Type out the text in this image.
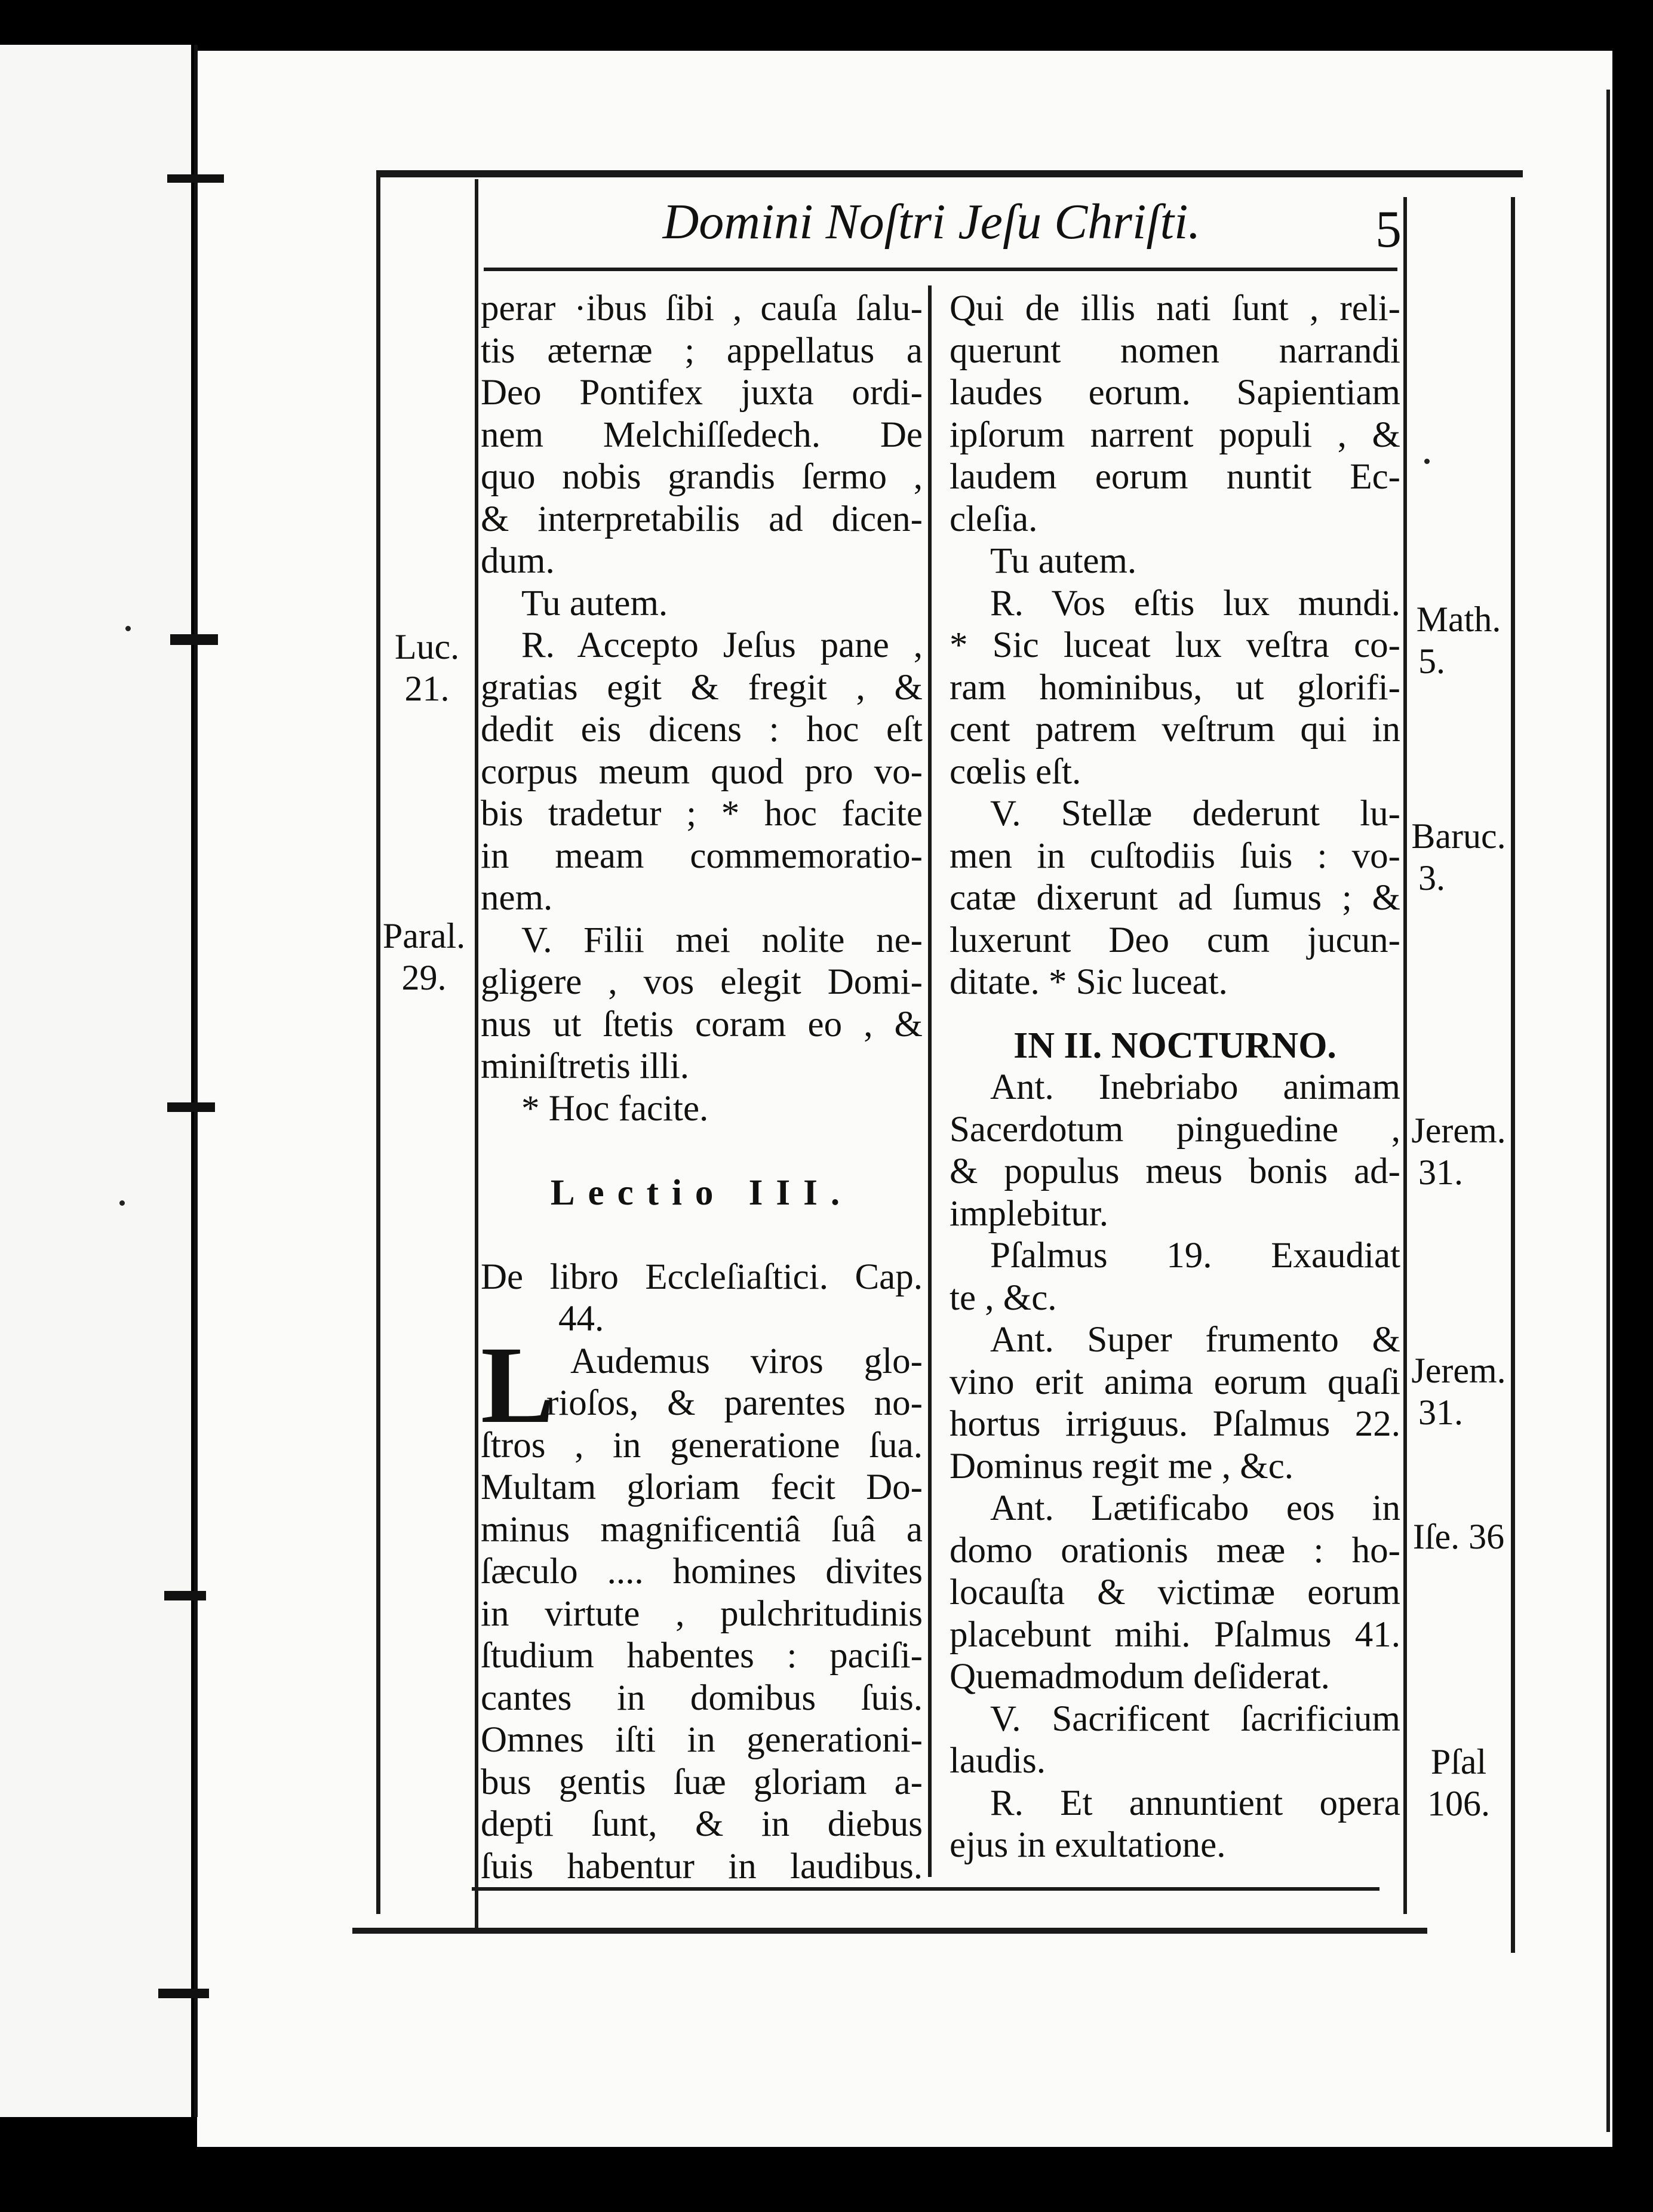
Domini Noſtri Jeſu Chriſti.	5
perar ·ibus ſibi , cauſa ſalu-
tis æternæ ; appellatus a
Deo Pontifex juxta ordi-
nem Melchiſſedech. De
quo nobis grandis ſermo ,
& interpretabilis ad dicen-
dum.
Tu autem.
R. Accepto Jeſus pane ,
gratias egit & fregit , &
dedit eis dicens : hoc eſt
corpus meum quod pro vo-
bis tradetur ; * hoc facite
in meam commemoratio-
nem.
V. Filii mei nolite ne-
gligere , vos elegit Domi-
nus ut ſtetis coram eo , &
miniſtretis illi.
* Hoc facite.
Lectio III.
De libro Eccleſiaſtici. Cap.
44.
L Audemus viros glo-
rioſos, & parentes no-
ſtros , in generatione ſua.
Multam gloriam fecit Do-
minus magnificentiâ ſuâ a
ſæculo .... homines divites
in virtute , pulchritudinis
ſtudium habentes : paciſi-
cantes in domibus ſuis.
Omnes iſti in generationi-
bus gentis ſuæ gloriam a-
depti ſunt, & in diebus
ſuis habentur in laudibus.
Qui de illis nati ſunt , reli-
querunt nomen narrandi
laudes eorum. Sapientiam
ipſorum narrent populi , &
laudem eorum nuntit Ec-
cleſia.
Tu autem.
R. Vos eſtis lux mundi.
* Sic luceat lux veſtra co-
ram hominibus, ut glorifi-
cent patrem veſtrum qui in
cœlis eſt.
V. Stellæ dederunt lu-
men in cuſtodiis ſuis : vo-
catæ dixerunt ad ſumus ; &
luxerunt Deo cum jucun-
ditate. * Sic luceat.
IN II. NOCTURNO.
Ant. Inebriabo animam
Sacerdotum pinguedine ,
& populus meus bonis ad-
implebitur.
Pſalmus 19. Exaudiat
te , &c.
Ant. Super frumento &
vino erit anima eorum quaſi
hortus irriguus. Pſalmus 22.
Dominus regit me , &c.
Ant. Lætificabo eos in
domo orationis meæ : ho-
locauſta & victimæ eorum
placebunt mihi. Pſalmus 41.
Quemadmodum deſiderat.
V. Sacrificent ſacrificium
laudis.
R. Et annuntient opera
ejus in exultatione.
Luc.
21.
Paral.
29.
Math.
5.
Baruc.
3.
Jerem.
31.
Jerem.
31.
Iſe. 36
Pſal
106.
